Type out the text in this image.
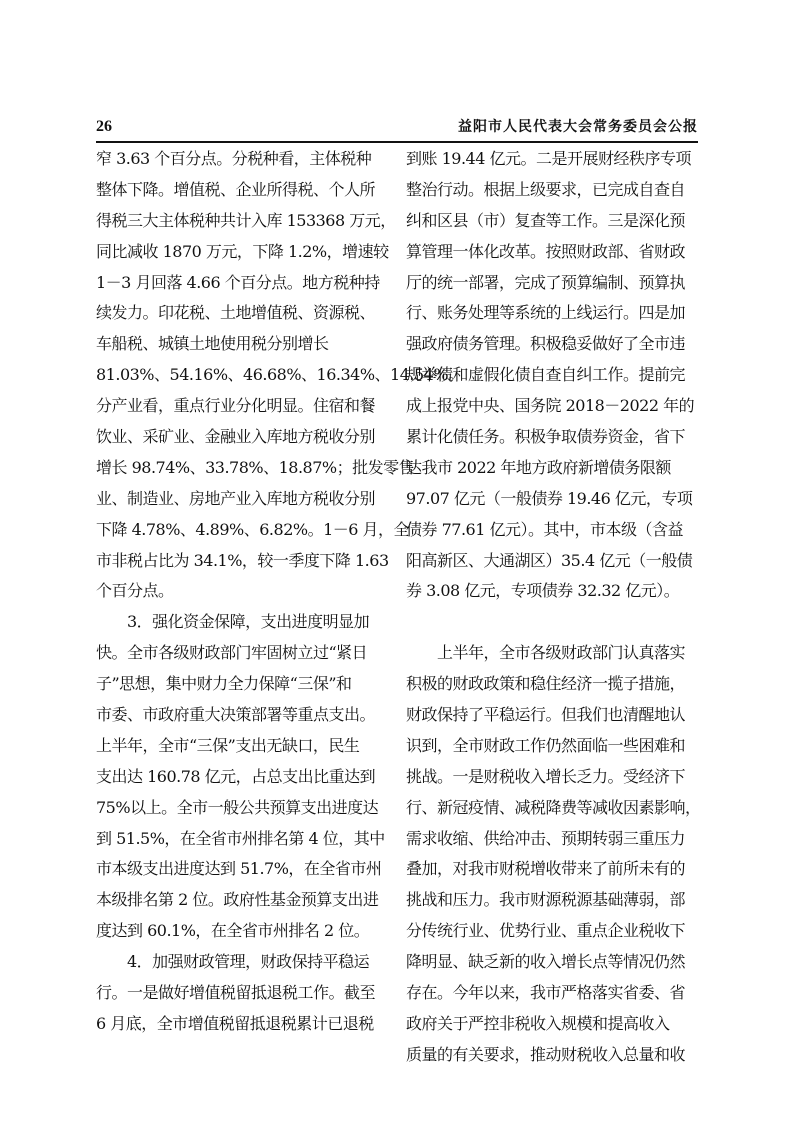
26	益阳市人民代表大会常务委员会公报
窄 3.63 个百分点。分税种看，主体税种
整体下降。增值税、企业所得税、个人所
得税三大主体税种共计入库 153368 万元，
同比减收 1870 万元，下降 1.2%，增速较
1－3 月回落 4.66 个百分点。地方税种持
续发力。印花税、土地增值税、资源税、
车船税、城镇土地使用税分别增长
81.03%、54.16%、46.68%、16.34%、14.54%。
分产业看，重点行业分化明显。住宿和餐
饮业、采矿业、金融业入库地方税收分别
增长 98.74%、33.78%、18.87%；批发零售
业、制造业、房地产业入库地方税收分别
下降 4.78%、4.89%、6.82%。1－6 月，全
市非税占比为 34.1%，较一季度下降 1.63
个百分点。
　　3．强化资金保障，支出进度明显加
快。全市各级财政部门牢固树立过“紧日
子”思想，集中财力全力保障“三保”和
市委、市政府重大决策部署等重点支出。
上半年，全市“三保”支出无缺口，民生
支出达 160.78 亿元，占总支出比重达到
75%以上。全市一般公共预算支出进度达
到 51.5%，在全省市州排名第 4 位，其中
市本级支出进度达到 51.7%，在全省市州
本级排名第 2 位。政府性基金预算支出进
度达到 60.1%，在全省市州排名 2 位。
　　4．加强财政管理，财政保持平稳运
行。一是做好增值税留抵退税工作。截至
6 月底，全市增值税留抵退税累计已退税
到账 19.44 亿元。二是开展财经秩序专项
整治行动。根据上级要求，已完成自查自
纠和区县（市）复查等工作。三是深化预
算管理一体化改革。按照财政部、省财政
厅的统一部署，完成了预算编制、预算执
行、账务处理等系统的上线运行。四是加
强政府债务管理。积极稳妥做好了全市违
规举债和虚假化债自查自纠工作。提前完
成上报党中央、国务院 2018－2022 年的
累计化债任务。积极争取债券资金，省下
达我市 2022 年地方政府新增债务限额
97.07 亿元（一般债券 19.46 亿元，专项
债券 77.61 亿元）。其中，市本级（含益
阳高新区、大通湖区）35.4 亿元（一般债
券 3.08 亿元，专项债券 32.32 亿元）。
　　上半年，全市各级财政部门认真落实
积极的财政政策和稳住经济一揽子措施，
财政保持了平稳运行。但我们也清醒地认
识到，全市财政工作仍然面临一些困难和
挑战。一是财税收入增长乏力。受经济下
行、新冠疫情、减税降费等减收因素影响，
需求收缩、供给冲击、预期转弱三重压力
叠加，对我市财税增收带来了前所未有的
挑战和压力。我市财源税源基础薄弱，部
分传统行业、优势行业、重点企业税收下
降明显、缺乏新的收入增长点等情况仍然
存在。今年以来，我市严格落实省委、省
政府关于严控非税收入规模和提高收入
质量的有关要求，推动财税收入总量和收
